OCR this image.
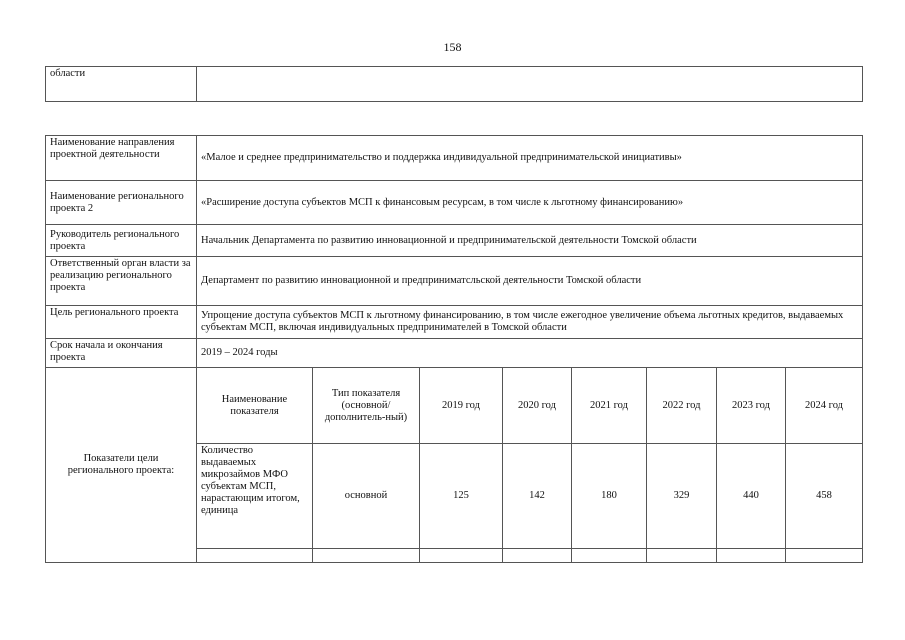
158
области	
Наименование направления проектной деятельности	«Малое и среднее предпринимательство и поддержка индивидуальной предпринимательской инициативы»							
Наименование регионального проекта 2	«Расширение доступа субъектов МСП к финансовым ресурсам, в том числе к льготному финансированию»							
Руководитель регионального проекта	Начальник Департамента по развитию инновационной и предпринимательской деятельности Томской области							
Ответственный орган власти за реализацию регионального проекта	Департамент по развитию инновационной и предприниматсльской деятельности Томской области							
Цель регионального проекта	Упрощение доступа субъектов МСП к льготному финансированию, в том числе ежегодное увеличение объема льготных кредитов, выдаваемых субъектам МСП, включая индивидуальных предпринимателей в Томской области							
Срок начала и окончания проекта	2019 – 2024 годы							
Показатели цели регионального проекта:	Наименование показателя	Тип показателя (основной/ дополнитель-ный)	2019 год	2020 год	2021 год	2022 год	2023 год	2024 год
	Количество выдаваемых микрозаймов МФО субъектам МСП, нарастающим итогом, единица	основной	125	142	180	329	440	458
